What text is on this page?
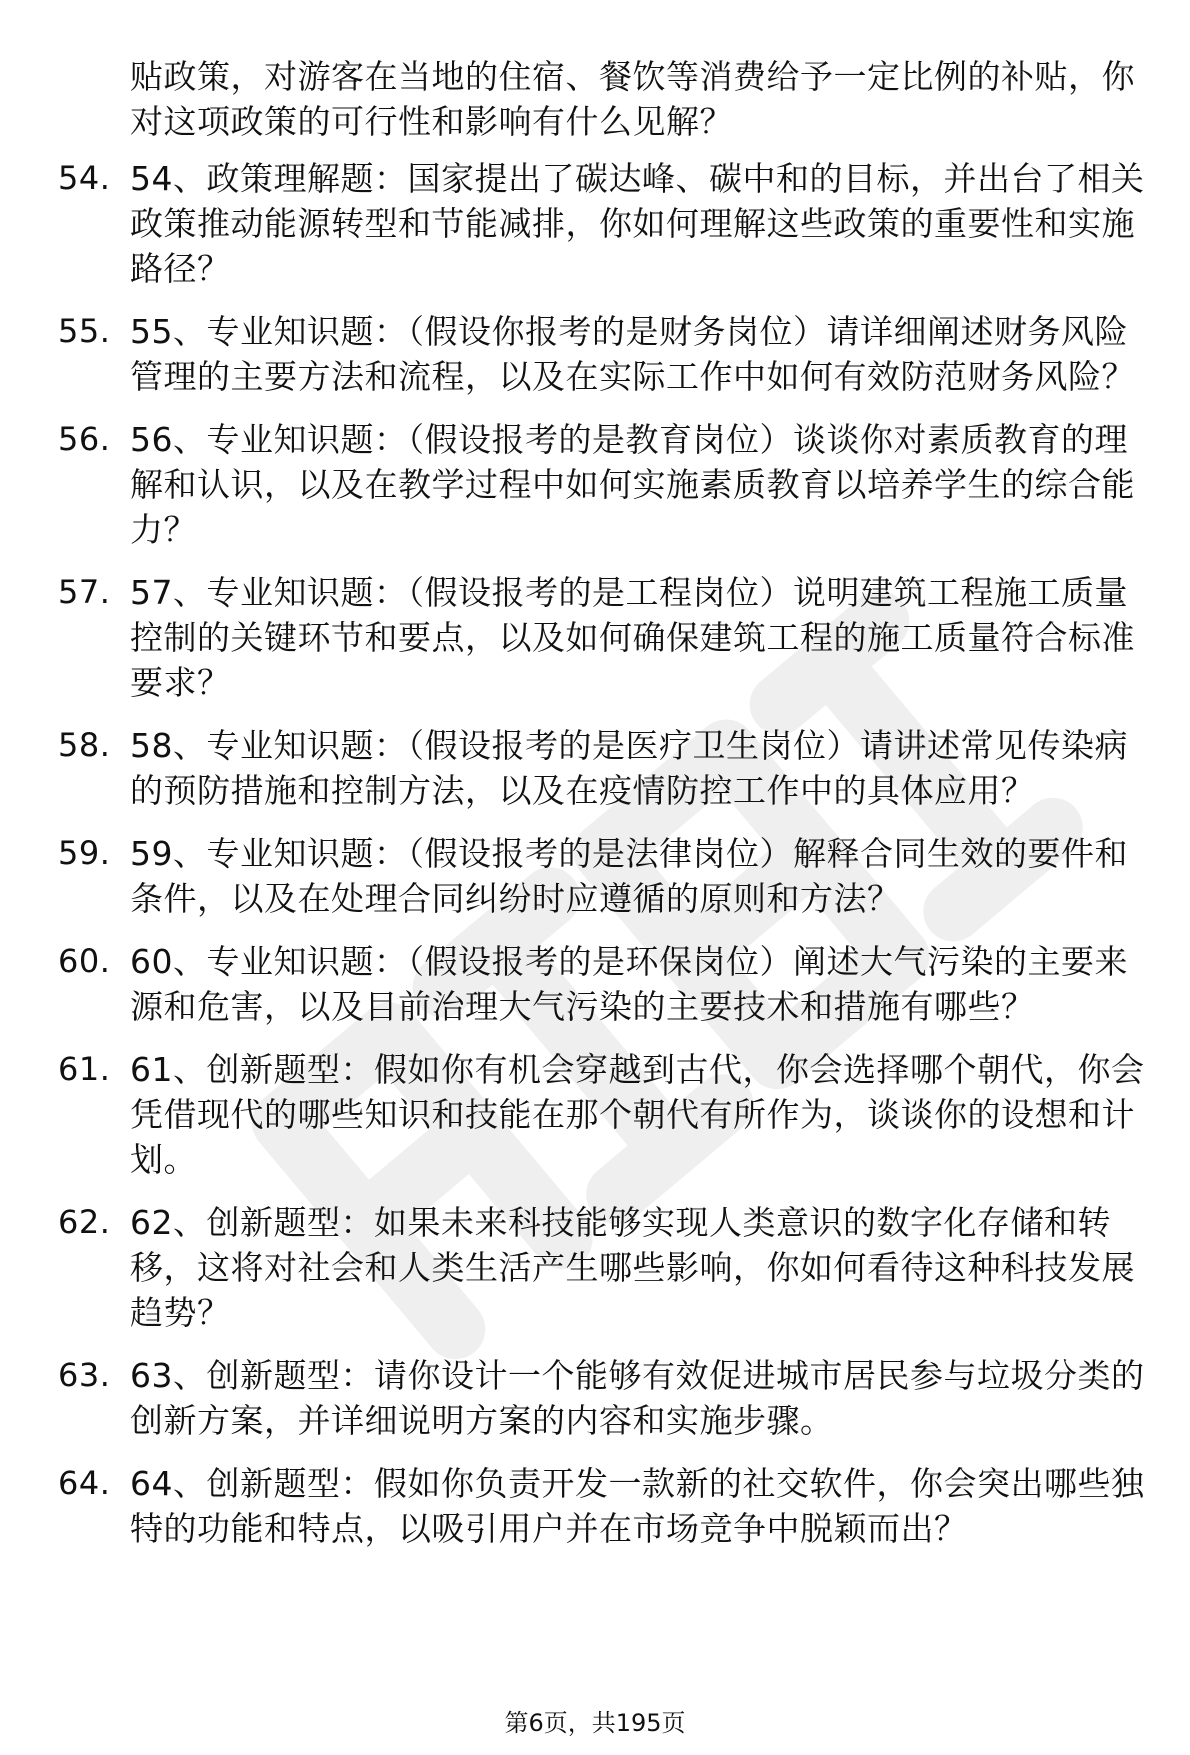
贴政策，对游客在当地的住宿、餐饮等消费给予一定比例的补贴，你对这项政策的可行性和影响有什么见解？
54. 54、政策理解题：国家提出了碳达峰、碳中和的目标，并出台了相关政策推动能源转型和节能减排，你如何理解这些政策的重要性和实施路径？
55. 55、专业知识题：（假设你报考的是财务岗位）请详细阐述财务风险管理的主要方法和流程，以及在实际工作中如何有效防范财务风险？
56. 56、专业知识题：（假设报考的是教育岗位）谈谈你对素质教育的理解和认识，以及在教学过程中如何实施素质教育以培养学生的综合能力？
57. 57、专业知识题：（假设报考的是工程岗位）说明建筑工程施工质量控制的关键环节和要点，以及如何确保建筑工程的施工质量符合标准要求？
58. 58、专业知识题：（假设报考的是医疗卫生岗位）请讲述常见传染病的预防措施和控制方法，以及在疫情防控工作中的具体应用？
59. 59、专业知识题：（假设报考的是法律岗位）解释合同生效的要件和条件，以及在处理合同纠纷时应遵循的原则和方法？
60. 60、专业知识题：（假设报考的是环保岗位）阐述大气污染的主要来源和危害，以及目前治理大气污染的主要技术和措施有哪些？
61. 61、创新题型：假如你有机会穿越到古代，你会选择哪个朝代，你会凭借现代的哪些知识和技能在那个朝代有所作为，谈谈你的设想和计划。
62. 62、创新题型：如果未来科技能够实现人类意识的数字化存储和转移，这将对社会和人类生活产生哪些影响，你如何看待这种科技发展趋势？
63. 63、创新题型：请你设计一个能够有效促进城市居民参与垃圾分类的创新方案，并详细说明方案的内容和实施步骤。
64. 64、创新题型：假如你负责开发一款新的社交软件，你会突出哪些独特的功能和特点，以吸引用户并在市场竞争中脱颖而出？
第6页，共195页
